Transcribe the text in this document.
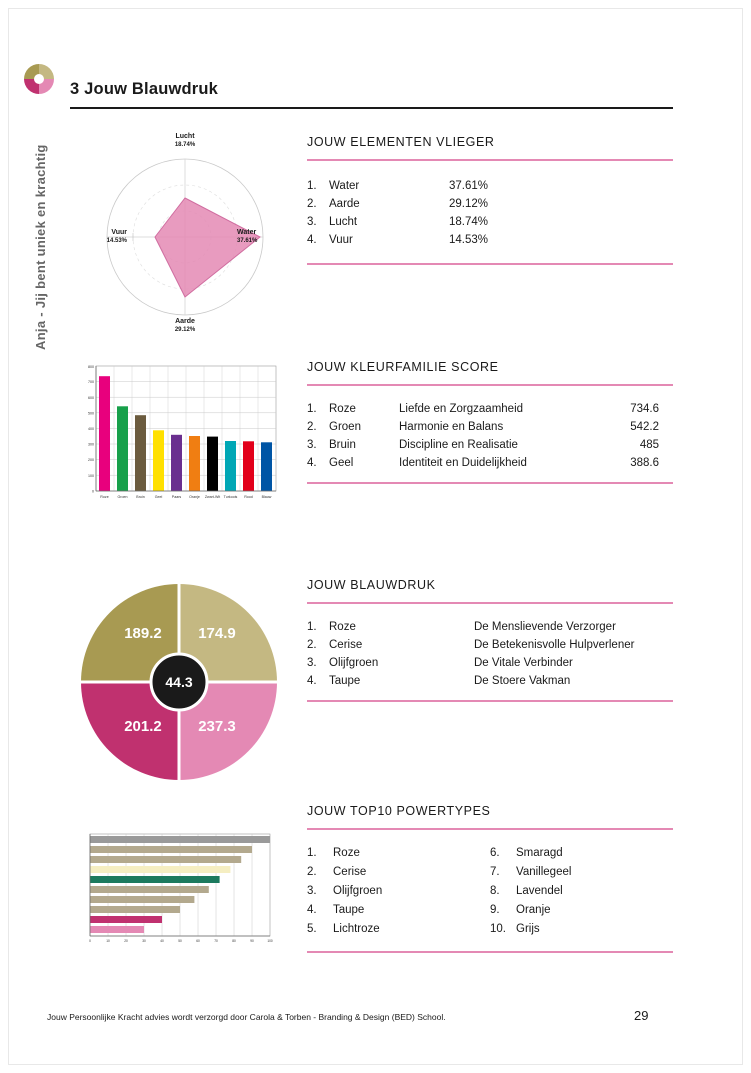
3 Jouw Blauwdruk
Anja - Jij bent uniek en krachtig
Lucht
18.74%
Water
37.61%
Aarde
29.12%
Vuur
14.53%
JOUW ELEMENTEN VLIEGER
1.	Water	37.61%
2.	Aarde	29.12%
3.	Lucht	18.74%
4.	Vuur	14.53%
0
100
200
300
400
500
600
700
800
Roze Groen Bruin	Geel	Paars Oranje Zwart-Wit Turkoois Rood Blauw
JOUW KLEURFAMILIE SCORE
1.	Roze	Liefde en Zorgzaamheid	734.6
2.	Groen	Harmonie en Balans	542.2
3.	Bruin	Discipline en Realisatie	485
4.	Geel	Identiteit en Duidelijkheid	388.6
174.9
237.3
201.2
189.2
44.3
JOUW BLAUWDRUK
1.	Roze	De Menslievende Verzorger
2.	Cerise	De Betekenisvolle Hulpverlener
3.	Olijfgroen	De Vitale Verbinder
4.	Taupe	De Stoere Vakman
0	10	20	30	40	50	60	70	80	90	100
JOUW TOP10 POWERTYPES
1.	Roze
2.	Cerise
3.	Olijfgroen
4.	Taupe
5.	Lichtroze
6.	Smaragd
7.	Vanillegeel
8.	Lavendel
9.	Oranje
10. Grijs
Jouw Persoonlijke Kracht advies wordt verzorgd door Carola & Torben - Branding & Design (BED) School.	29
